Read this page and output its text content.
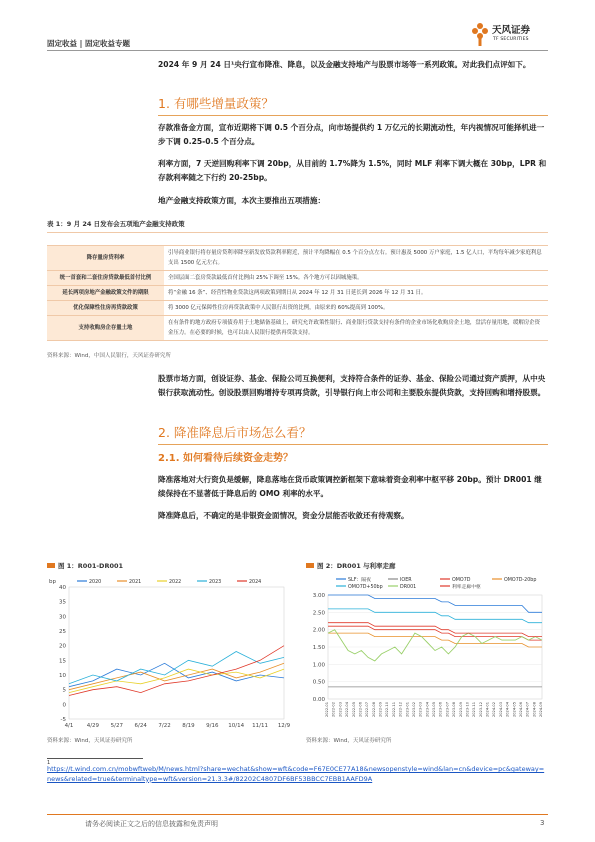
固定收益 | 固定收益专题
天风证券
TF SECURITIES
2024 年 9 月 24 日¹央行宣布降准、降息，以及金融支持地产与股票市场等一系列政策。对此我们点评如下。
1. 有哪些增量政策？
存款准备金方面，宣布近期将下调 0.5 个百分点，向市场提供约 1 万亿元的长期流动性，年内视情况可能择机进一步下调 0.25-0.5 个百分点。
利率方面，7 天逆回购利率下调 20bp，从目前的 1.7%降为 1.5%，同时 MLF 利率下调大概在 30bp，LPR 和存款利率随之下行约 20-25bp。
地产金融支持政策方面，本次主要推出五项措施：
表 1：9 月 24 日发布会五项地产金融支持政策

降存量房贷利率	引导商业银行将存量房贷利率降至新发放贷款利率附近，预计平均降幅在 0.5 个百分点左右。预计惠及 5000 万户家庭，1.5 亿人口，平均每年减少家庭利息支出 1500 亿元左右。
统一首套和二套住房贷款最低首付比例	全国层面二套房贷款最低首付比例由 25%下调至 15%。各个地方可以因城施策。
延长两项房地产金融政策文件的期限	将“金融 16 条”、经营性物业贷款这两项政策到期日从 2024 年 12 月 31 日延长到 2026 年 12 月 31 日。
优化保障性住房再贷款政策	将 3000 亿元保障性住房再贷款政策中人民银行出资的比例，由原来的 60%提高到 100%。
支持收购房企存量土地	在有条件的地方政府专项债券用于土地储备基础上，研究允许政策性银行、商业银行贷款支持有条件的企业市场化收购房企土地，盘活存量用地，缓解房企资金压力。在必要的时候，也可以由人民银行提供再贷款支持。
资料来源：Wind，中国人民银行，天风证券研究所
股票市场方面，创设证券、基金、保险公司互换便利，支持符合条件的证券、基金、保险公司通过资产质押，从中央银行获取流动性。创设股票回购增持专项再贷款，引导银行向上市公司和主要股东提供贷款，支持回购和增持股票。
2. 降准降息后市场怎么看？
2.1. 如何看待后续资金走势？
降准落地对大行资负是缓解，降息落地在货币政策调控新框架下意味着资金利率中枢平移 20bp。预计 DR001 继续保持在不显著低于降息后的 OMO 利率的水平。
降准降息后，不确定的是非银资金面情况，资金分层能否收敛还有待观察。
图 1：R001-DR001
-5
0
5
10
15
20
25
30
35
40
bp
4/1 4/29 5/27 6/24 7/22 8/19 9/16 10/14 11/11 12/9
2020	2021	2022	2023	2024
资料来源：Wind，天风证券研究所
图 2：DR001 与利率走廊
0.00
0.50
1.00
1.50
2.00
2.50
3.00
2022-01 2022-02 2022-03 2022-04 2022-05 2022-06 2022-07 2022-08 2022-09 2022-10 2022-11 2022-12 2023-01 2023-02 2023-03 2023-04 2023-05 2023-06 2023-07 2023-08 2023-09 2023-10 2023-11 2023-12 2024-01 2024-02 2024-03 2024-04 2024-05 2024-06 2024-07 2024-08 2024-09
SLF：隔夜	IOER	OMO7D	OMO7D-20bp
OMO7D+50bp	DR001	利率走廊中枢
资料来源：Wind，天风证券研究所
1
https://t.wind.com.cn/mobwftweb/M/news.html?share=wechat&show=wft&code=F67E0CE77A18&newsopenstyle=wind&lan=cn&device=pc&gateway=news&related=true&terminaltype=wft&version=21.3.3#/82202C4807DF6BF53BBCC7EBB1AAFD9A
请务必阅读正文之后的信息披露和免责声明	3
